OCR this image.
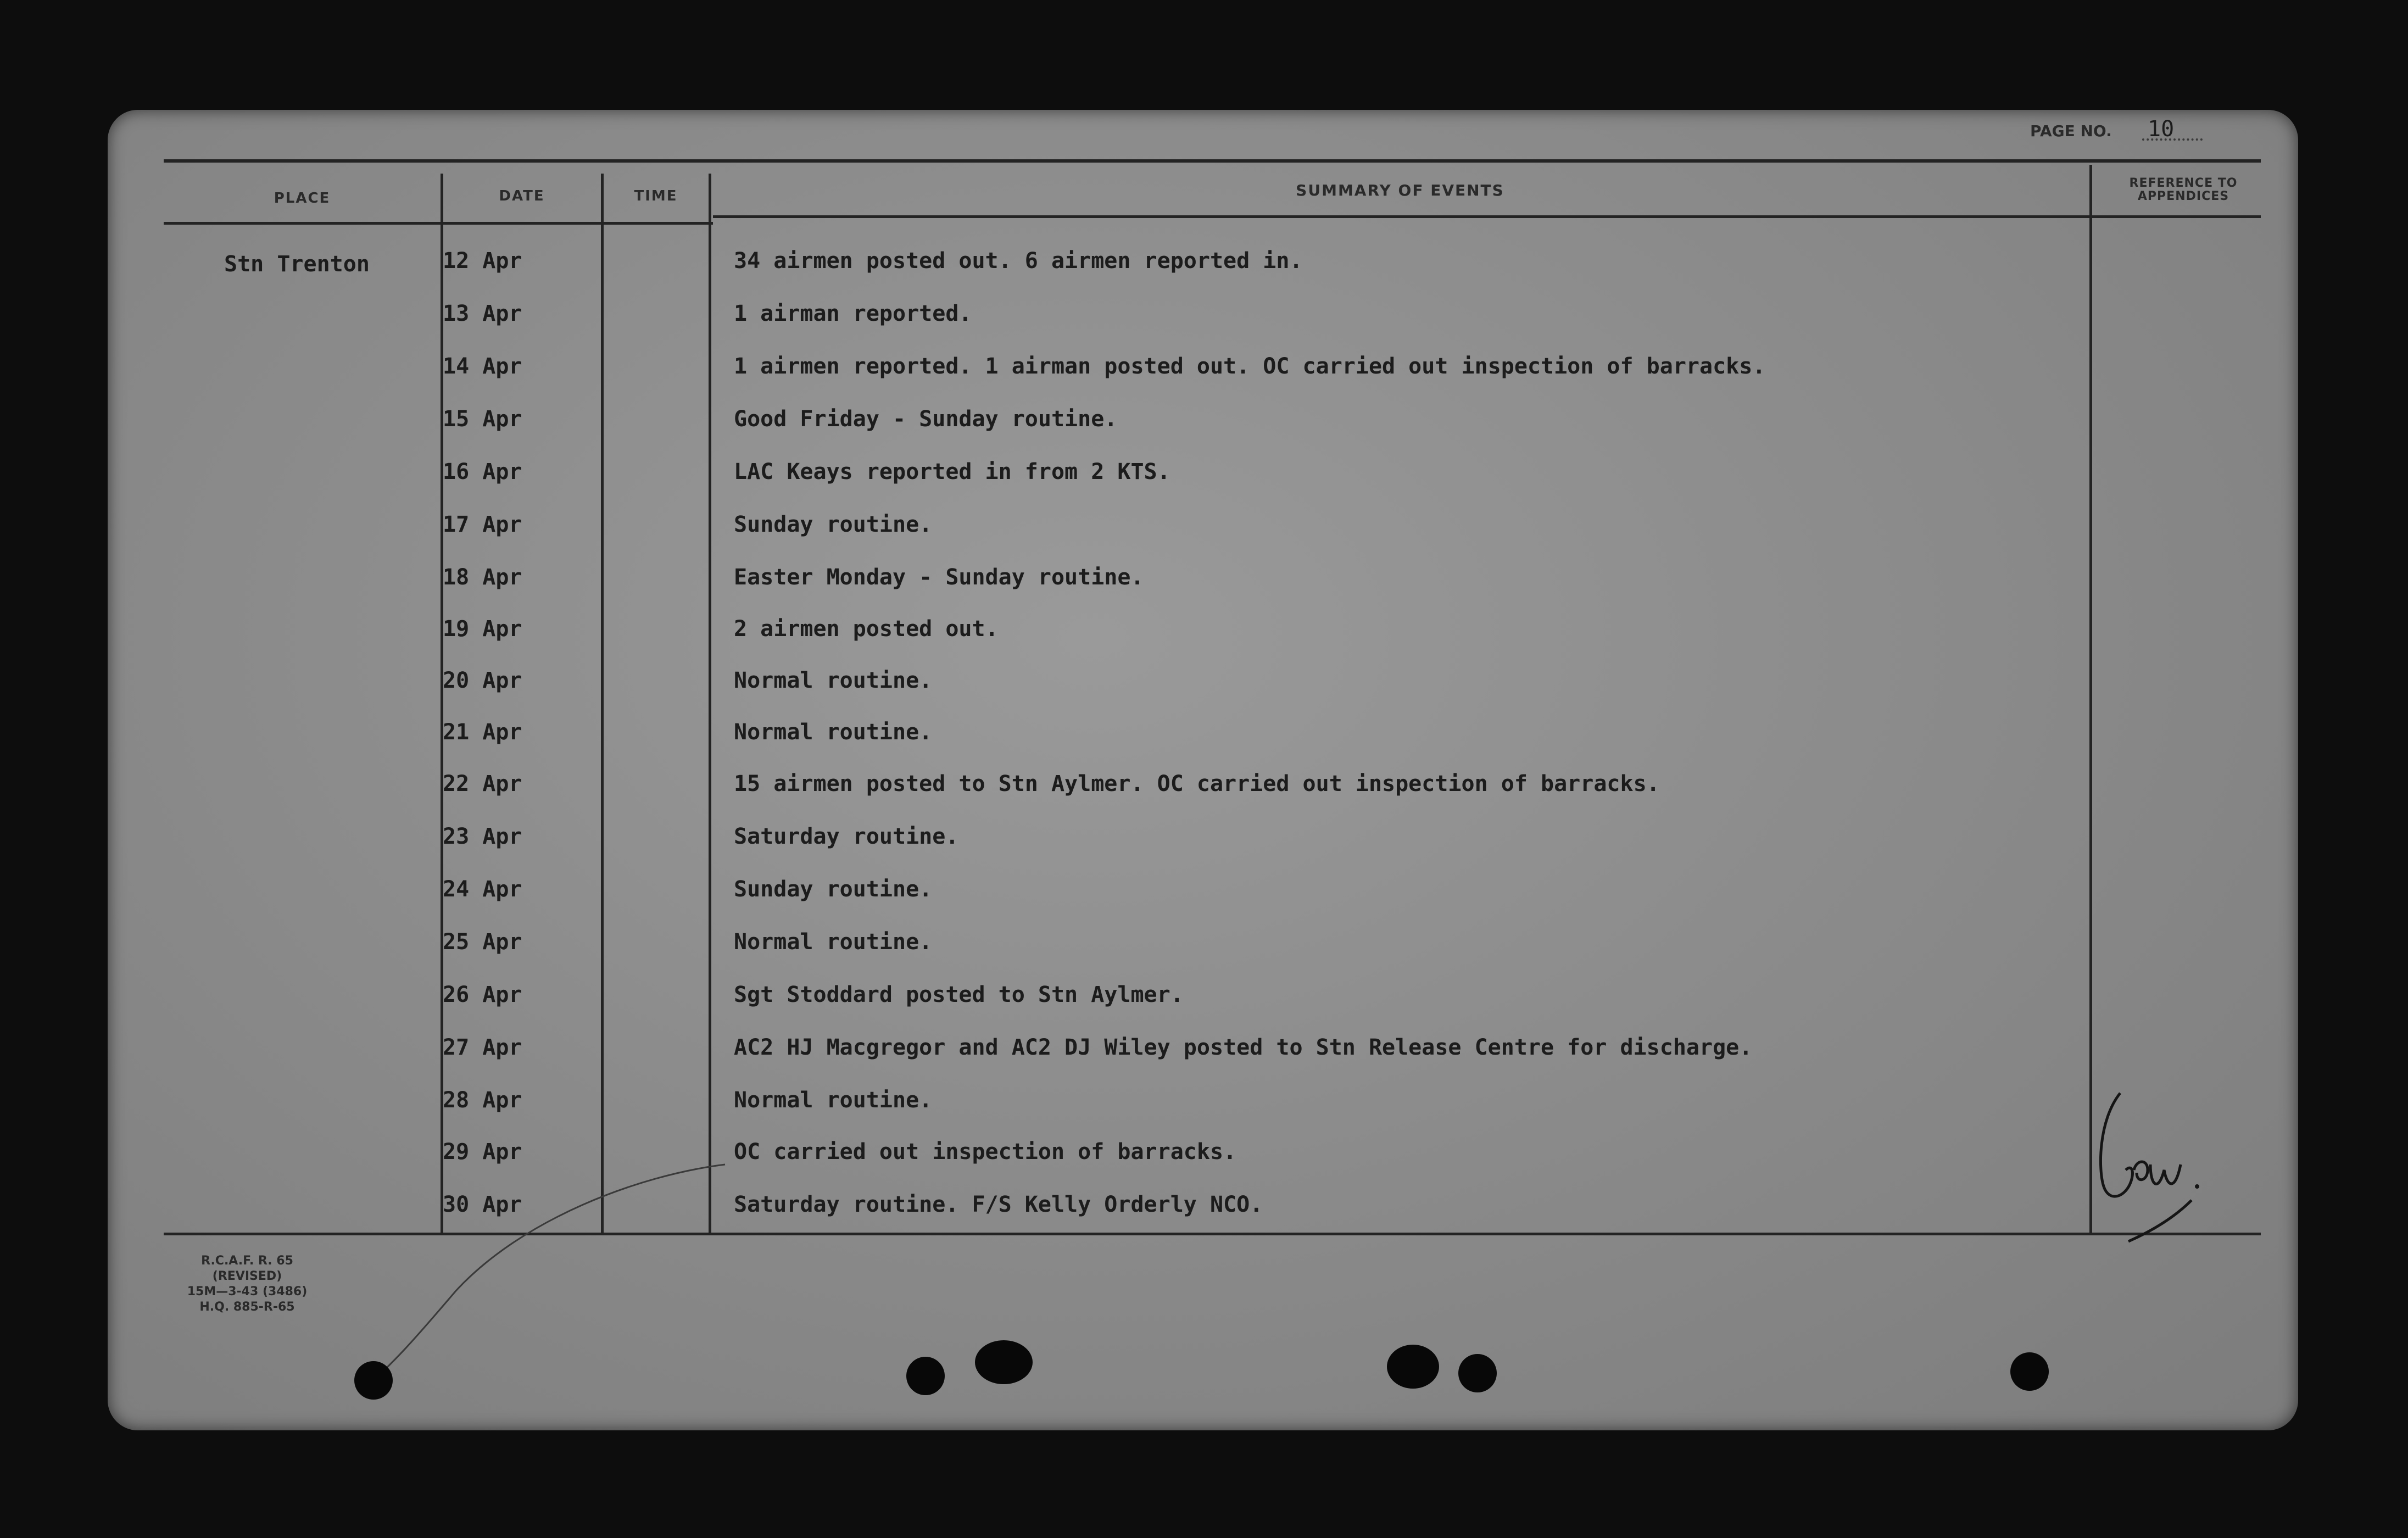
PAGE NO. 10
PLACE	DATE	TIME	SUMMARY OF EVENTS	REFERENCE TO APPENDICES
Stn Trenton	12 Apr	34 airmen posted out. 6 airmen reported in.
13 Apr	1 airman reported.
14 Apr	1 airmen reported. 1 airman posted out. OC carried out inspection of barracks.
15 Apr	Good Friday - Sunday routine.
16 Apr	LAC Keays reported in from 2 KTS.
17 Apr	Sunday routine.
18 Apr	Easter Monday - Sunday routine.
19 Apr	2 airmen posted out.
20 Apr	Normal routine.
21 Apr	Normal routine.
22 Apr	15 airmen posted to Stn Aylmer. OC carried out inspection of barracks.
23 Apr	Saturday routine.
24 Apr	Sunday routine.
25 Apr	Normal routine.
26 Apr	Sgt Stoddard posted to Stn Aylmer.
27 Apr	AC2 HJ Macgregor and AC2 DJ Wiley posted to Stn Release Centre for discharge.
28 Apr	Normal routine.
29 Apr	OC carried out inspection of barracks.
30 Apr	Saturday routine. F/S Kelly Orderly NCO.
R.C.A.F. R. 65 (REVISED)
15M—3-43 (3486)
H.Q. 885-R-65
